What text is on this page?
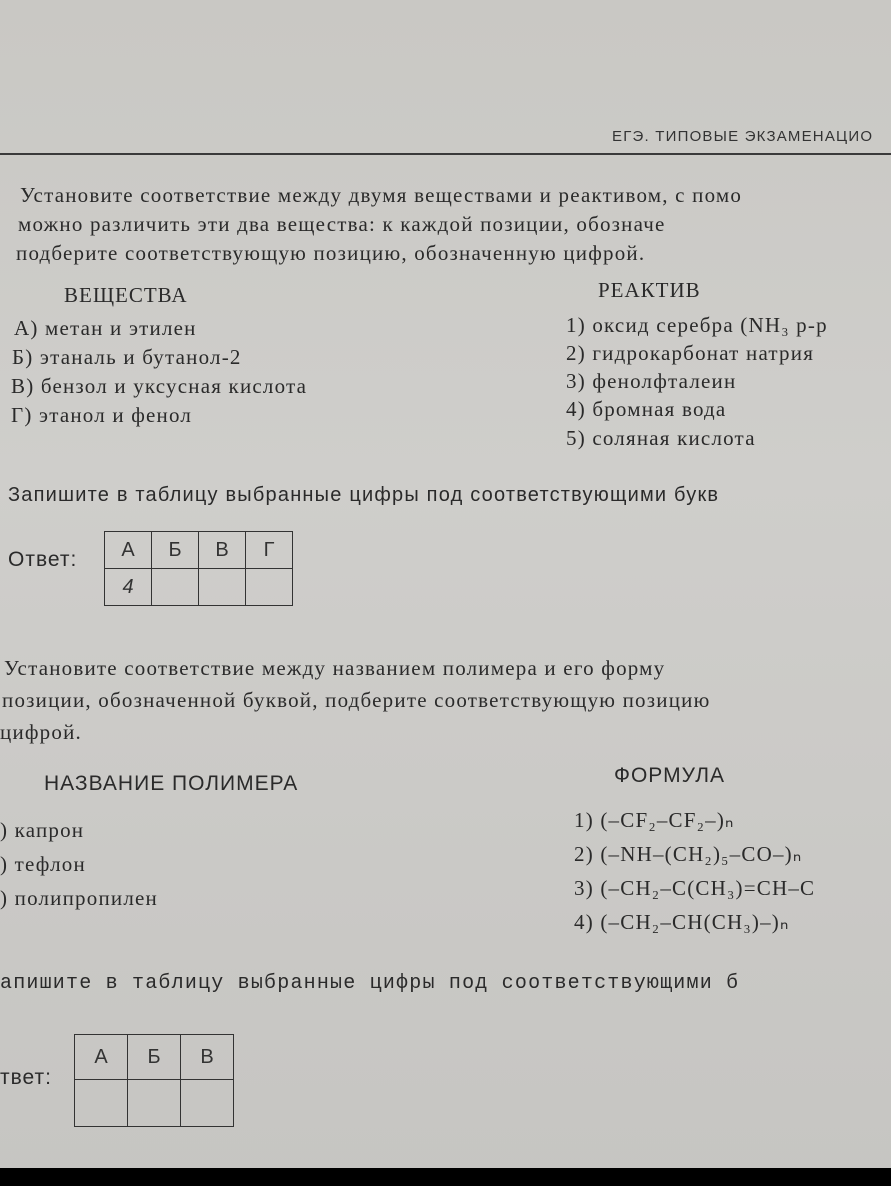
ЕГЭ. ТИПОВЫЕ ЭКЗАМЕНАЦИО
Установите соответствие между двумя веществами и реактивом, с помо
можно различить эти два вещества: к каждой позиции, обозначе
подберите соответствующую позицию, обозначенную цифрой.
ВЕЩЕСТВА	РЕАКТИВ
А) метан и этилен
Б) этаналь и бутанол-2
В) бензол и уксусная кислота
Г) этанол и фенол
1) оксид серебра (NH₃ р-р
2) гидрокарбонат натрия
3) фенолфталеин
4) бромная вода
5) соляная кислота
Запишите в таблицу выбранные цифры под соответствующими букв
Ответ: А	Б	В	Г
4			
Установите соответствие между названием полимера и его форму
позиции, обозначенной буквой, подберите соответствующую позицию
цифрой.
НАЗВАНИЕ ПОЛИМЕРА	ФОРМУЛА
) капрон
) тефлон
) полипропилен
1) (–CF₂–CF₂–)ₙ
2) (–NH–(CH₂)₅–CO–)ₙ
3) (–CH₂–C(CH₃)=CH–C
4) (–CH₂–CH(CH₃)–)ₙ
апишите в таблицу выбранные цифры под соответствующими б
твет:
А	Б	В
